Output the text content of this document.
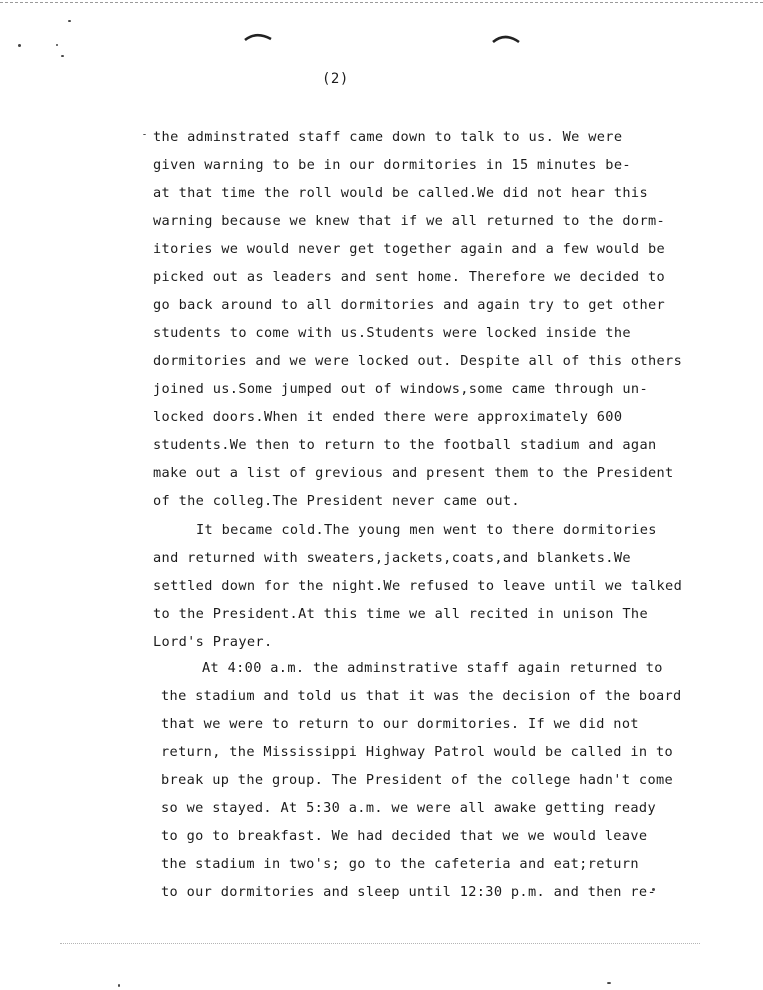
(2)
the adminstrated staff came down to talk to us. We were
given warning to be in our dormitories in 15 minutes be-
at that time the roll would be called.We did not hear this
warning because we knew that if we all returned to the dorm-
itories we would never get together again and a few would be
picked out as leaders and sent home. Therefore we decided to
go back around to all dormitories and again try to get other
students to come with us.Students were locked inside the
dormitories and we were locked out. Despite all of this others
joined us.Some jumped out of windows,some came through un-
locked doors.When it ended there were approximately 600
students.We then to return to the football stadium and agan
make out a list of grevious and present them to the President
of the colleg.The President never came out.
It became cold.The young men went to there dormitories
and returned with sweaters,jackets,coats,and blankets.We
settled down for the night.We refused to leave until we talked
to the President.At this time we all recited in unison The
Lord's Prayer.
At 4:00 a.m. the adminstrative staff again returned to
the stadium and told us that it was the decision of the board
that we were to return to our dormitories. If we did not
return, the Mississippi Highway Patrol would be called in to
break up the group. The President of the college hadn't come
so we stayed. At 5:30 a.m. we were all awake getting ready
to go to breakfast. We had decided that we we would leave
the stadium in two's; go to the cafeteria and eat;return
to our dormitories and sleep until 12:30 p.m. and then re-
